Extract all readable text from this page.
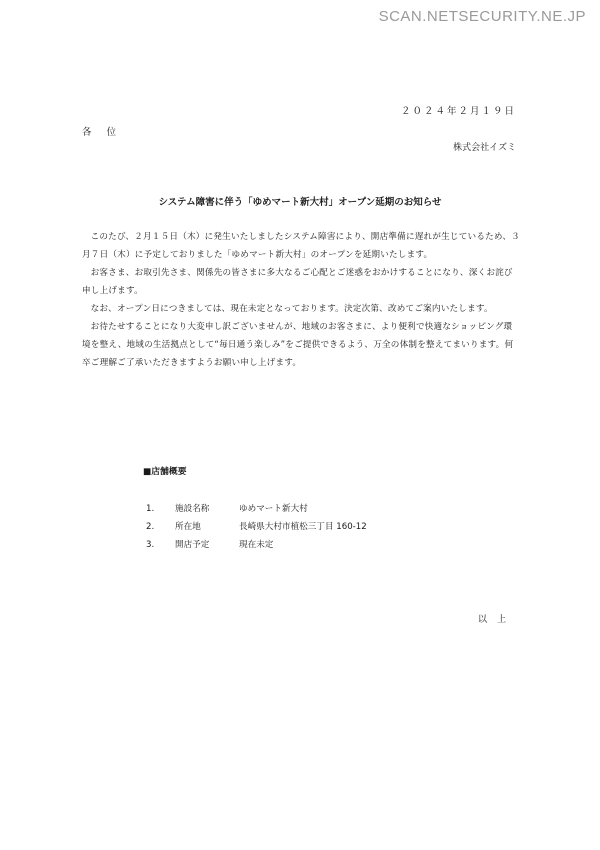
SCAN.NETSECURITY.NE.JP
２０２４年２月１９日
各 位
株式会社イズミ
システム障害に伴う「ゆめマート新大村」オープン延期のお知らせ

このたび、２月１５日（木）に発生いたしましたシステム障害により、開店準備に遅れが生じているため、３月７日（木）に予定しておりました「ゆめマート新大村」のオープンを延期いたします。

お客さま、お取引先さま、関係先の皆さまに多大なるご心配とご迷惑をおかけすることになり、深くお詫び申し上げます。

なお、オープン日につきましては、現在未定となっております。決定次第、改めてご案内いたします。

お待たせすることになり大変申し訳ございませんが、地域のお客さまに、より便利で快適なショッピング環境を整え、地域の生活拠点として“毎日通う楽しみ”をご提供できるよう、万全の体制を整えてまいります。何卒ご理解ご了承いただきますようお願い申し上げます。

■店舗概要
1.	施設名称	ゆめマート新大村
2.	所在地	長崎県大村市植松三丁目 160-12
3.	開店予定	現在未定
以上
